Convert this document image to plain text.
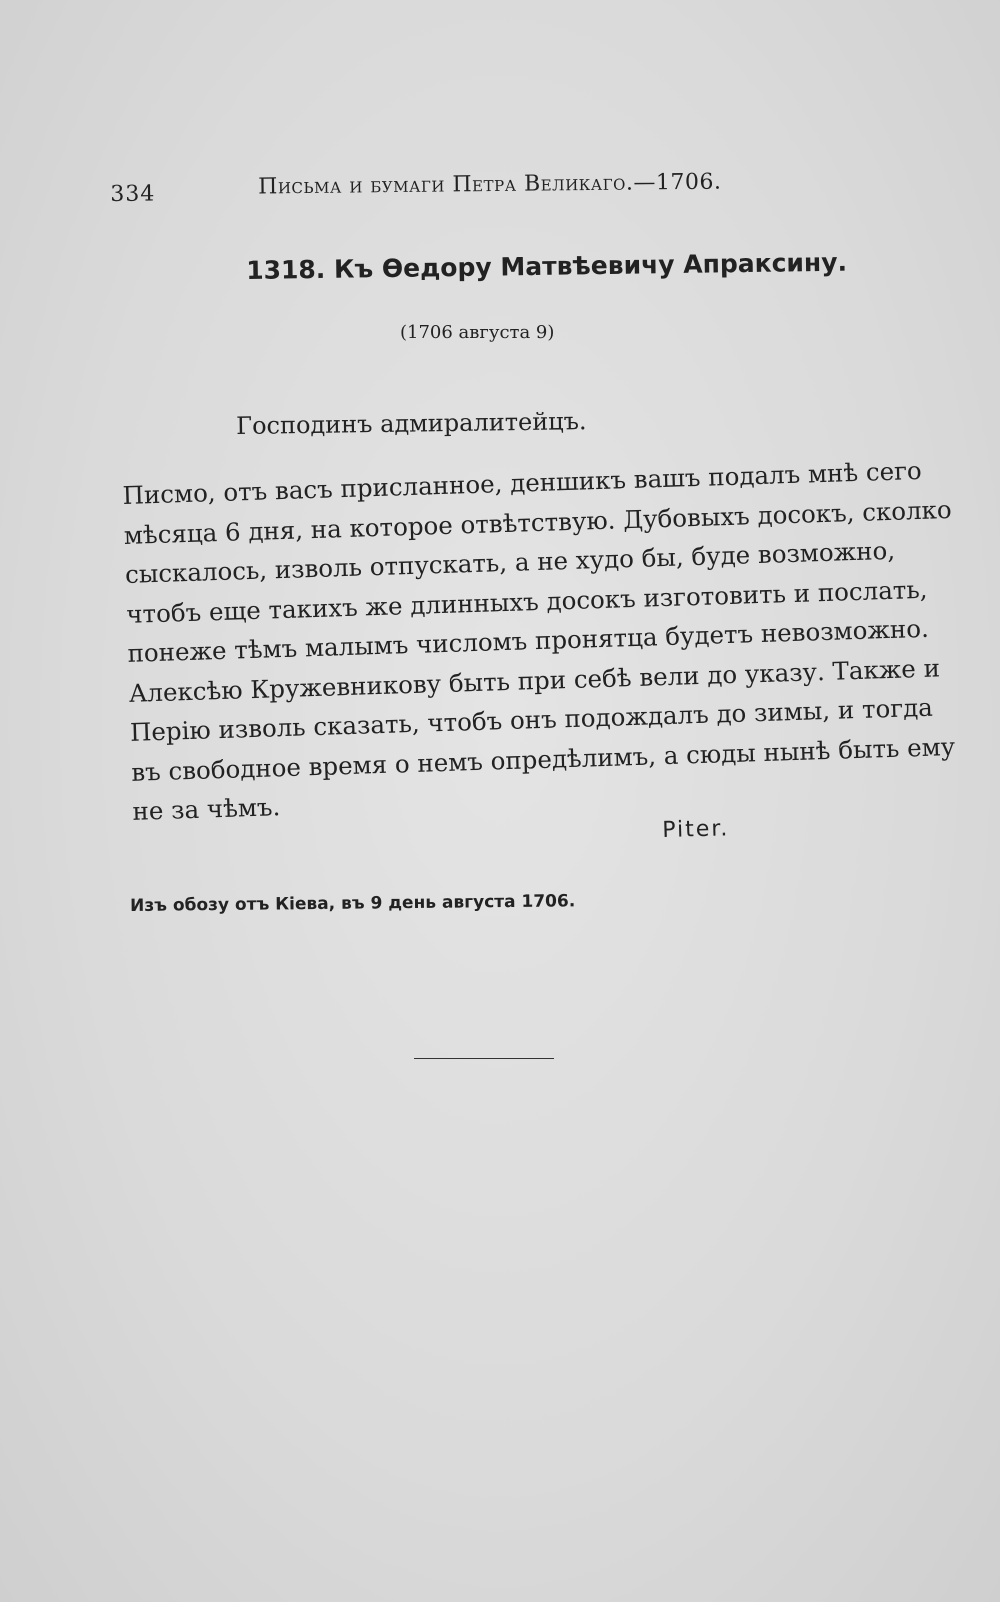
334	Письма и бумаги Петра Великаго.—1706.
1318. Къ Ѳедору Матвѣевичу Апраксину.
(1706 августа 9)
Господинъ адмиралитейцъ.
Писмо, отъ васъ присланное, деншикъ вашъ подалъ мнѣ сего
мѣсяца 6 дня, на которое отвѣтствую. Дубовыхъ досокъ, сколко
сыскалось, изволь отпускать, а не худо бы, буде возможно,
чтобъ еще такихъ же длинныхъ досокъ изготовить и послать,
понеже тѣмъ малымъ числомъ пронятца будетъ невозможно.
Алексѣю Кружевникову быть при себѣ вели до указу. Также и
Перію изволь сказать, чтобъ онъ подождалъ до зимы, и тогда
въ свободное время о немъ опредѣлимъ, а сюды нынѣ быть ему
не за чѣмъ.
Piter.
Изъ обозу отъ Кіева, въ 9 день августа 1706.
